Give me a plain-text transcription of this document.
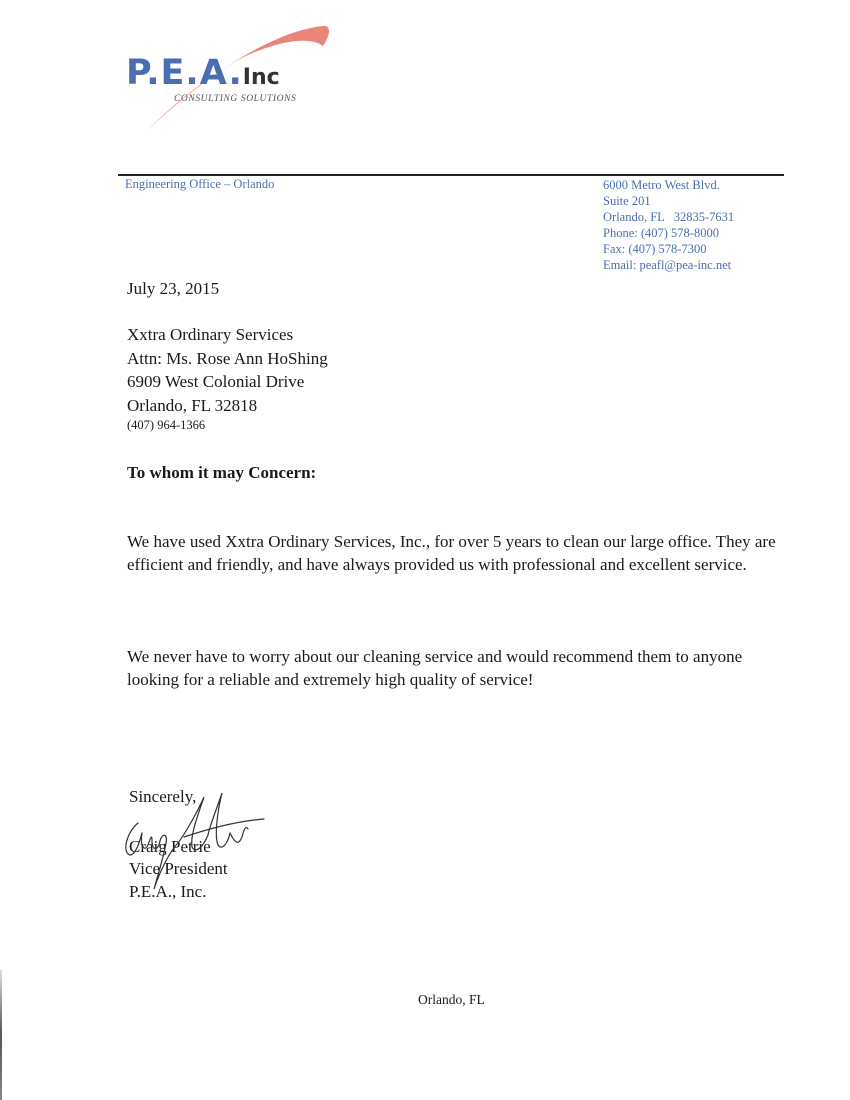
P.E.A.Inc
CONSULTING SOLUTIONS
Engineering Office – Orlando	6000 Metro West Blvd.
Suite 201
Orlando, FL   32835-7631
Phone: (407) 578-8000
Fax: (407) 578-7300
Email: peafl@pea-inc.net
July 23, 2015
Xxtra Ordinary Services
Attn: Ms. Rose Ann HoShing
6909 West Colonial Drive
Orlando, FL 32818
(407) 964-1366
To whom it may Concern:
We have used Xxtra Ordinary Services, Inc., for over 5 years to clean our large office. They are efficient and friendly, and have always provided us with professional and excellent service.
We never have to worry about our cleaning service and would recommend them to anyone looking for a reliable and extremely high quality of service!
Sincerely,
Craig Petrie
Vice President
P.E.A., Inc.
Orlando, FL
